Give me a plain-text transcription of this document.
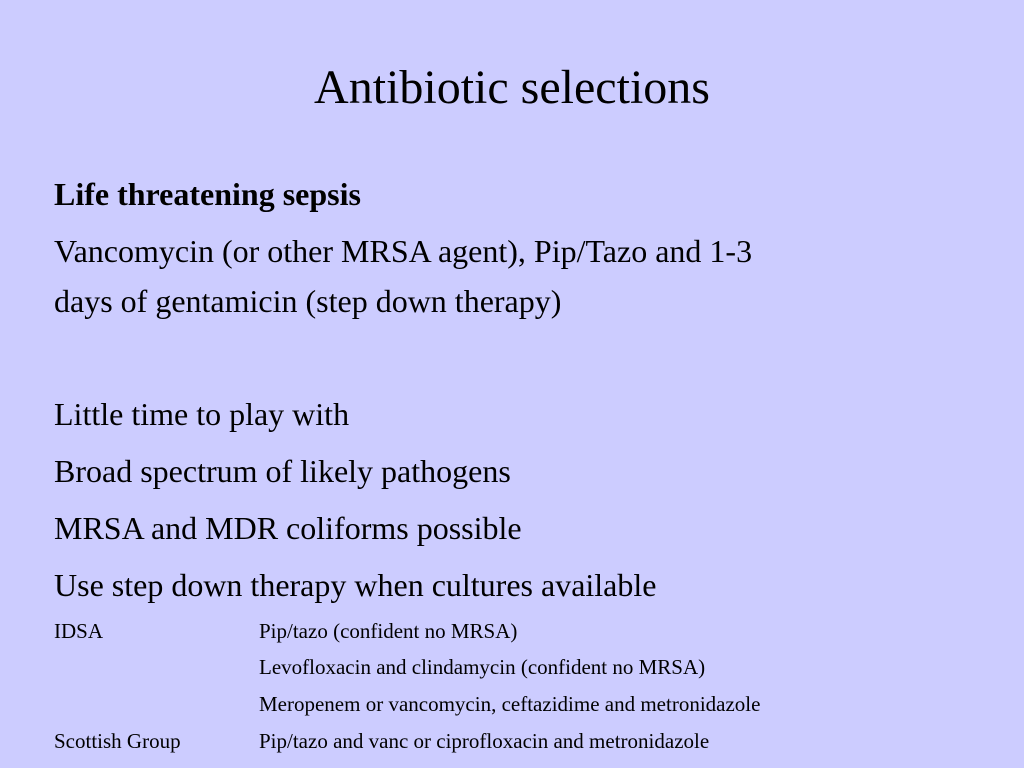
Antibiotic selections

Life threatening sepsis

Vancomycin (or other MRSA agent), Pip/Tazo and 1-3

days of gentamicin (step down therapy)

Little time to play with

Broad spectrum of likely pathogens

MRSA and MDR coliforms possible

Use step down therapy when cultures available

IDSA	Pip/tazo (confident no MRSA)
Levofloxacin and clindamycin (confident no MRSA)
Meropenem or vancomycin, ceftazidime and metronidazole
Scottish Group	Pip/tazo and vanc or ciprofloxacin and metronidazole
